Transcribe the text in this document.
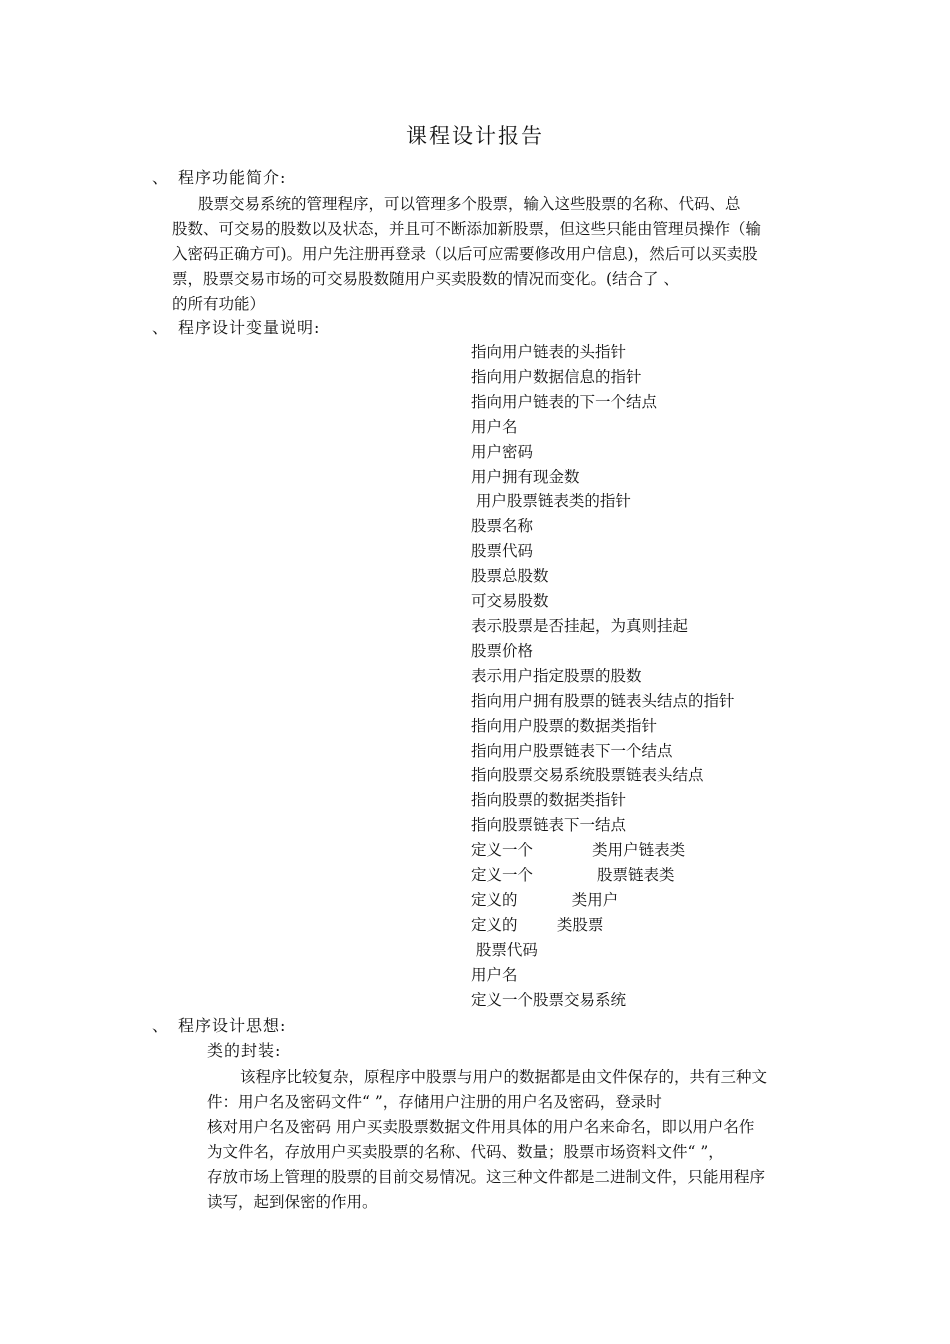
课程设计报告
、 程序功能简介:
股票交易系统的管理程序，可以管理多个股票，输入这些股票的名称、代码、总
股数、可交易的股数以及状态，并且可不断添加新股票，但这些只能由管理员操作（输
入密码正确方可)。用户先注册再登录（以后可应需要修改用户信息)，然后可以买卖股
票，股票交易市场的可交易股数随用户买卖股数的情况而变化。(结合了 、
的所有功能）
、 程序设计变量说明:
指向用户链表的头指针
指向用户数据信息的指针
指向用户链表的下一个结点
用户名
用户密码
用户拥有现金数
用户股票链表类的指针
股票名称
股票代码
股票总股数
可交易股数
表示股票是否挂起，为真则挂起
股票价格
表示用户指定股票的股数
指向用户拥有股票的链表头结点的指针
指向用户股票的数据类指针
指向用户股票链表下一个结点
指向股票交易系统股票链表头结点
指向股票的数据类指针
指向股票链表下一结点
定义一个            类用户链表类
定义一个             股票链表类
定义的           类用户
定义的        类股票
股票代码
用户名
定义一个股票交易系统
、 程序设计思想:
类的封装:
该程序比较复杂，原程序中股票与用户的数据都是由文件保存的，共有三种文
件：用户名及密码文件“ ”，存储用户注册的用户名及密码，登录时
核对用户名及密码 用户买卖股票数据文件用具体的用户名来命名，即以用户名作
为文件名，存放用户买卖股票的名称、代码、数量；股票市场资料文件“ ”，
存放市场上管理的股票的目前交易情况。这三种文件都是二进制文件，只能用程序
读写，起到保密的作用。
